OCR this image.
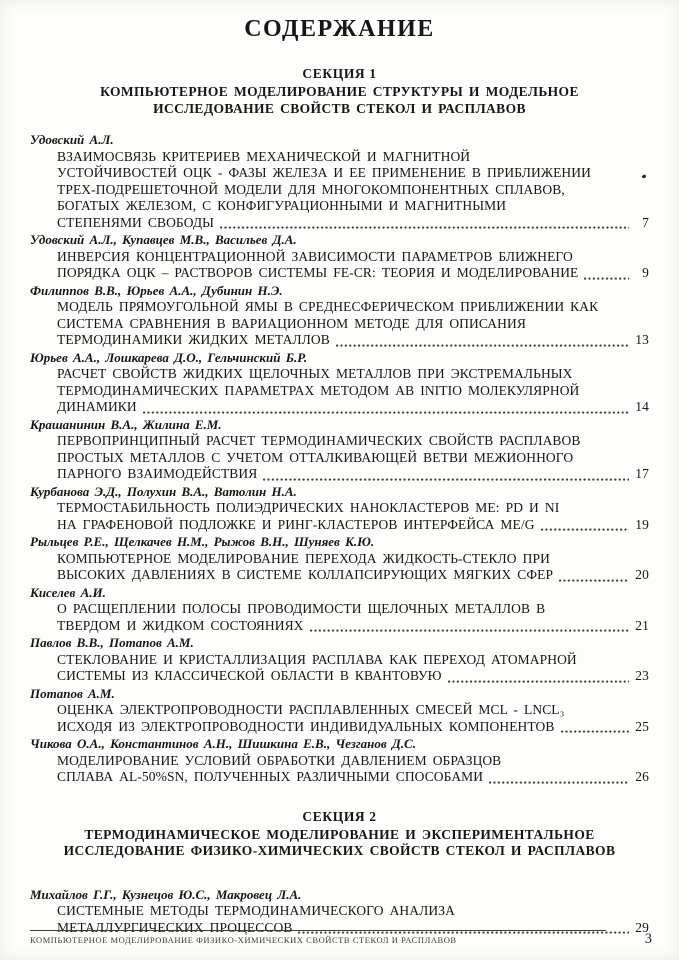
СОДЕРЖАНИЕ
СЕКЦИЯ 1
КОМПЬЮТЕРНОЕ МОДЕЛИРОВАНИЕ СТРУКТУРЫ И МОДЕЛЬНОЕ
ИССЛЕДОВАНИЕ СВОЙСТВ СТЕКОЛ И РАСПЛАВОВ
Удовский А.Л.
ВЗАИМОСВЯЗЬ КРИТЕРИЕВ МЕХАНИЧЕСКОЙ И МАГНИТНОЙ
УСТОЙЧИВОСТЕЙ ОЦК - ФАЗЫ ЖЕЛЕЗА И ЕЕ ПРИМЕНЕНИЕ В ПРИБЛИЖЕНИИ
ТРЕХ-ПОДРЕШЕТОЧНОЙ МОДЕЛИ ДЛЯ МНОГОКОМПОНЕНТНЫХ СПЛАВОВ,
БОГАТЫХ ЖЕЛЕЗОМ, С КОНФИГУРАЦИОННЫМИ И МАГНИТНЫМИ
СТЕПЕНЯМИ СВОБОДЫ	7
Удовский А.Л., Купавцев М.В., Васильев Д.А.
ИНВЕРСИЯ КОНЦЕНТРАЦИОННОЙ ЗАВИСИМОСТИ ПАРАМЕТРОВ БЛИЖНЕГО
ПОРЯДКА ОЦК – РАСТВОРОВ СИСТЕМЫ FE-CR: ТЕОРИЯ И МОДЕЛИРОВАНИЕ	9
Филиппов В.В., Юрьев А.А., Дубинин Н.Э.
МОДЕЛЬ ПРЯМОУГОЛЬНОЙ ЯМЫ В СРЕДНЕСФЕРИЧЕСКОМ ПРИБЛИЖЕНИИ КАК
СИСТЕМА СРАВНЕНИЯ В ВАРИАЦИОННОМ МЕТОДЕ ДЛЯ ОПИСАНИЯ
ТЕРМОДИНАМИКИ ЖИДКИХ МЕТАЛЛОВ	13
Юрьев А.А., Лошкарева Д.О., Гельчинский Б.Р.
РАСЧЕТ СВОЙСТВ ЖИДКИХ ЩЕЛОЧНЫХ МЕТАЛЛОВ ПРИ ЭКСТРЕМАЛЬНЫХ
ТЕРМОДИНАМИЧЕСКИХ ПАРАМЕТРАХ МЕТОДОМ AB INITIO МОЛЕКУЛЯРНОЙ
ДИНАМИКИ	14
Крашанинин В.А., Жилина Е.М.
ПЕРВОПРИНЦИПНЫЙ РАСЧЕТ ТЕРМОДИНАМИЧЕСКИХ СВОЙСТВ РАСПЛАВОВ
ПРОСТЫХ МЕТАЛЛОВ С УЧЕТОМ ОТТАЛКИВАЮЩЕЙ ВЕТВИ МЕЖИОННОГО
ПАРНОГО ВЗАИМОДЕЙСТВИЯ	17
Курбанова Э.Д., Полухин В.А., Ватолин Н.А.
ТЕРМОСТАБИЛЬНОСТЬ ПОЛИЭДРИЧЕСКИХ НАНОКЛАСТЕРОВ ME: PD И NI
НА ГРАФЕНОВОЙ ПОДЛОЖКЕ И РИНГ-КЛАСТЕРОВ ИНТЕРФЕЙСА ME/G	19
Рыльцев Р.Е., Щелкачев Н.М., Рыжов В.Н., Шуняев К.Ю.
КОМПЬЮТЕРНОЕ МОДЕЛИРОВАНИЕ ПЕРЕХОДА ЖИДКОСТЬ-СТЕКЛО ПРИ
ВЫСОКИХ ДАВЛЕНИЯХ В СИСТЕМЕ КОЛЛАПСИРУЮЩИХ МЯГКИХ СФЕР	20
Киселев А.И.
О РАСЩЕПЛЕНИИ ПОЛОСЫ ПРОВОДИМОСТИ ЩЕЛОЧНЫХ МЕТАЛЛОВ В
ТВЕРДОМ И ЖИДКОМ СОСТОЯНИЯХ	21
Павлов В.В., Потапов А.М.
СТЕКЛОВАНИЕ И КРИСТАЛЛИЗАЦИЯ РАСПЛАВА КАК ПЕРЕХОД АТОМАРНОЙ
СИСТЕМЫ ИЗ КЛАССИЧЕСКОЙ ОБЛАСТИ В КВАНТОВУЮ	23
Потапов А.М.
ОЦЕНКА ЭЛЕКТРОПРОВОДНОСТИ РАСПЛАВЛЕННЫХ СМЕСЕЙ MCL - LNCL₃
ИСХОДЯ ИЗ ЭЛЕКТРОПРОВОДНОСТИ ИНДИВИДУАЛЬНЫХ КОМПОНЕНТОВ	25
Чикова О.А., Константинов А.Н., Шишкина Е.В., Чезганов Д.С.
МОДЕЛИРОВАНИЕ УСЛОВИЙ ОБРАБОТКИ ДАВЛЕНИЕМ ОБРАЗЦОВ
СПЛАВА AL-50%SN, ПОЛУЧЕННЫХ РАЗЛИЧНЫМИ СПОСОБАМИ	26
СЕКЦИЯ 2
ТЕРМОДИНАМИЧЕСКОЕ МОДЕЛИРОВАНИЕ И ЭКСПЕРИМЕНТАЛЬНОЕ
ИССЛЕДОВАНИЕ ФИЗИКО-ХИМИЧЕСКИХ СВОЙСТВ СТЕКОЛ И РАСПЛАВОВ
Михайлов Г.Г., Кузнецов Ю.С., Макровец Л.А.
СИСТЕМНЫЕ МЕТОДЫ ТЕРМОДИНАМИЧЕСКОГО АНАЛИЗА
МЕТАЛЛУРГИЧЕСКИХ ПРОЦЕССОВ	29
КОМПЬЮТЕРНОЕ МОДЕЛИРОВАНИЕ ФИЗИКО-ХИМИЧЕСКИХ СВОЙСТВ СТЕКОЛ И РАСПЛАВОВ	3
